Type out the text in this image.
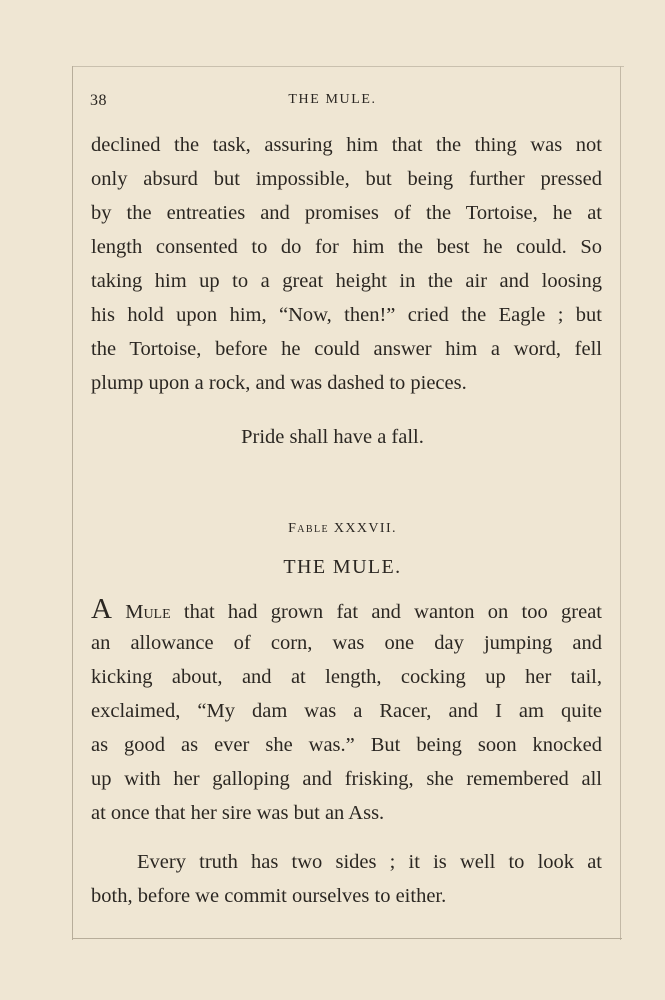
38	THE MULE.
declined the task, assuring him that the thing was not
only absurd but impossible, but being further pressed
by the entreaties and promises of the Tortoise, he at
length consented to do for him the best he could. So
taking him up to a great height in the air and loosing
his hold upon him, “Now, then!” cried the Eagle ; but
the Tortoise, before he could answer him a word, fell
plump upon a rock, and was dashed to pieces.
Pride shall have a fall.
Fable XXXVII.
THE MULE.
A Mule that had grown fat and wanton on too great
an allowance of corn, was one day jumping and
kicking about, and at length, cocking up her tail,
exclaimed, “My dam was a Racer, and I am quite
as good as ever she was.” But being soon knocked
up with her galloping and frisking, she remembered all
at once that her sire was but an Ass.
Every truth has two sides ; it is well to look at
both, before we commit ourselves to either.
